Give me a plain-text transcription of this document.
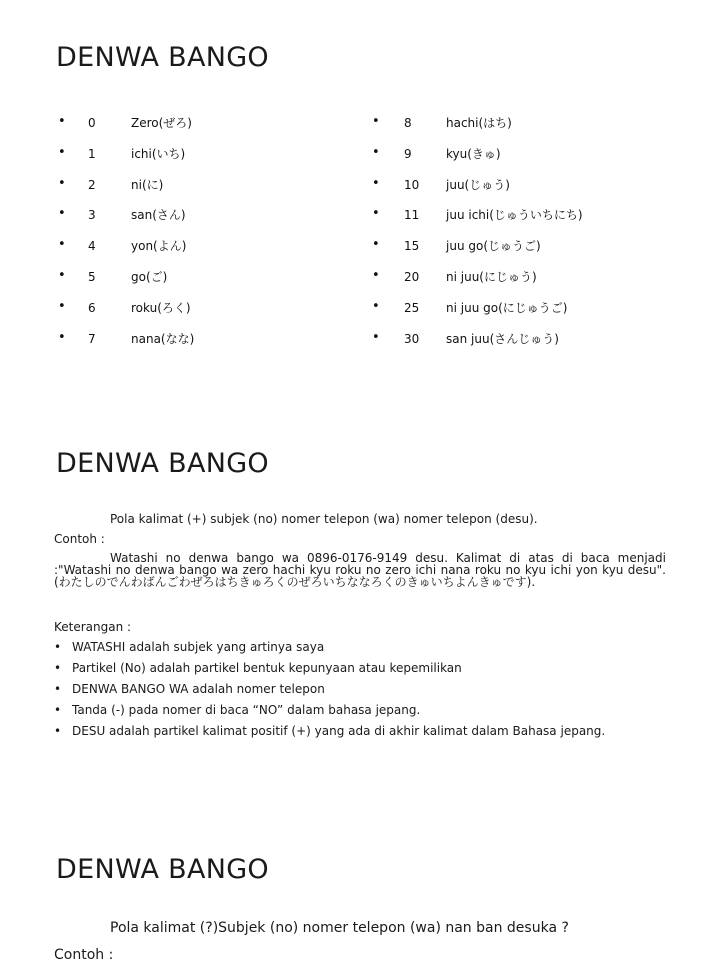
DENWA BANGO
• 0	Zero(ぜろ)
• 1	ichi(いち)
• 2	ni(に)
• 3	san(さん)
• 4	yon(よん)
• 5	go(ご)
• 6	roku(ろく)
• 7	nana(なな)
• 8	hachi(はち)
• 9	kyu(きゅ)
• 10 juu(じゅう)
• 11 juu ichi(じゅういちにち)
• 15 juu go(じゅうご)
• 20 ni juu(にじゅう)
• 25 ni juu go(にじゅうご)
• 30 san juu(さんじゅう)
DENWA BANGO
Pola kalimat (+) subjek (no) nomer telepon (wa) nomer telepon (desu).
Contoh :
Watashi no denwa bango wa 0896-0176-9149 desu. Kalimat di atas di baca menjadi :"Watashi no denwa bango wa zero hachi kyu roku no zero ichi nana roku no kyu ichi yon kyu desu". (わたしのでんわばんごわぜろはちきゅろくのぜろいちななろくのきゅいちよんきゅです).
Keterangan :
• WATASHI adalah subjek yang artinya saya
• Partikel (No) adalah partikel bentuk kepunyaan atau kepemilikan
• DENWA BANGO WA adalah nomer telepon
• Tanda (-) pada nomer di baca “NO” dalam bahasa jepang.
• DESU adalah partikel kalimat positif (+) yang ada di akhir kalimat dalam Bahasa jepang.
DENWA BANGO
Pola kalimat (?)Subjek (no) nomer telepon (wa) nan ban desuka ?
Contoh :
